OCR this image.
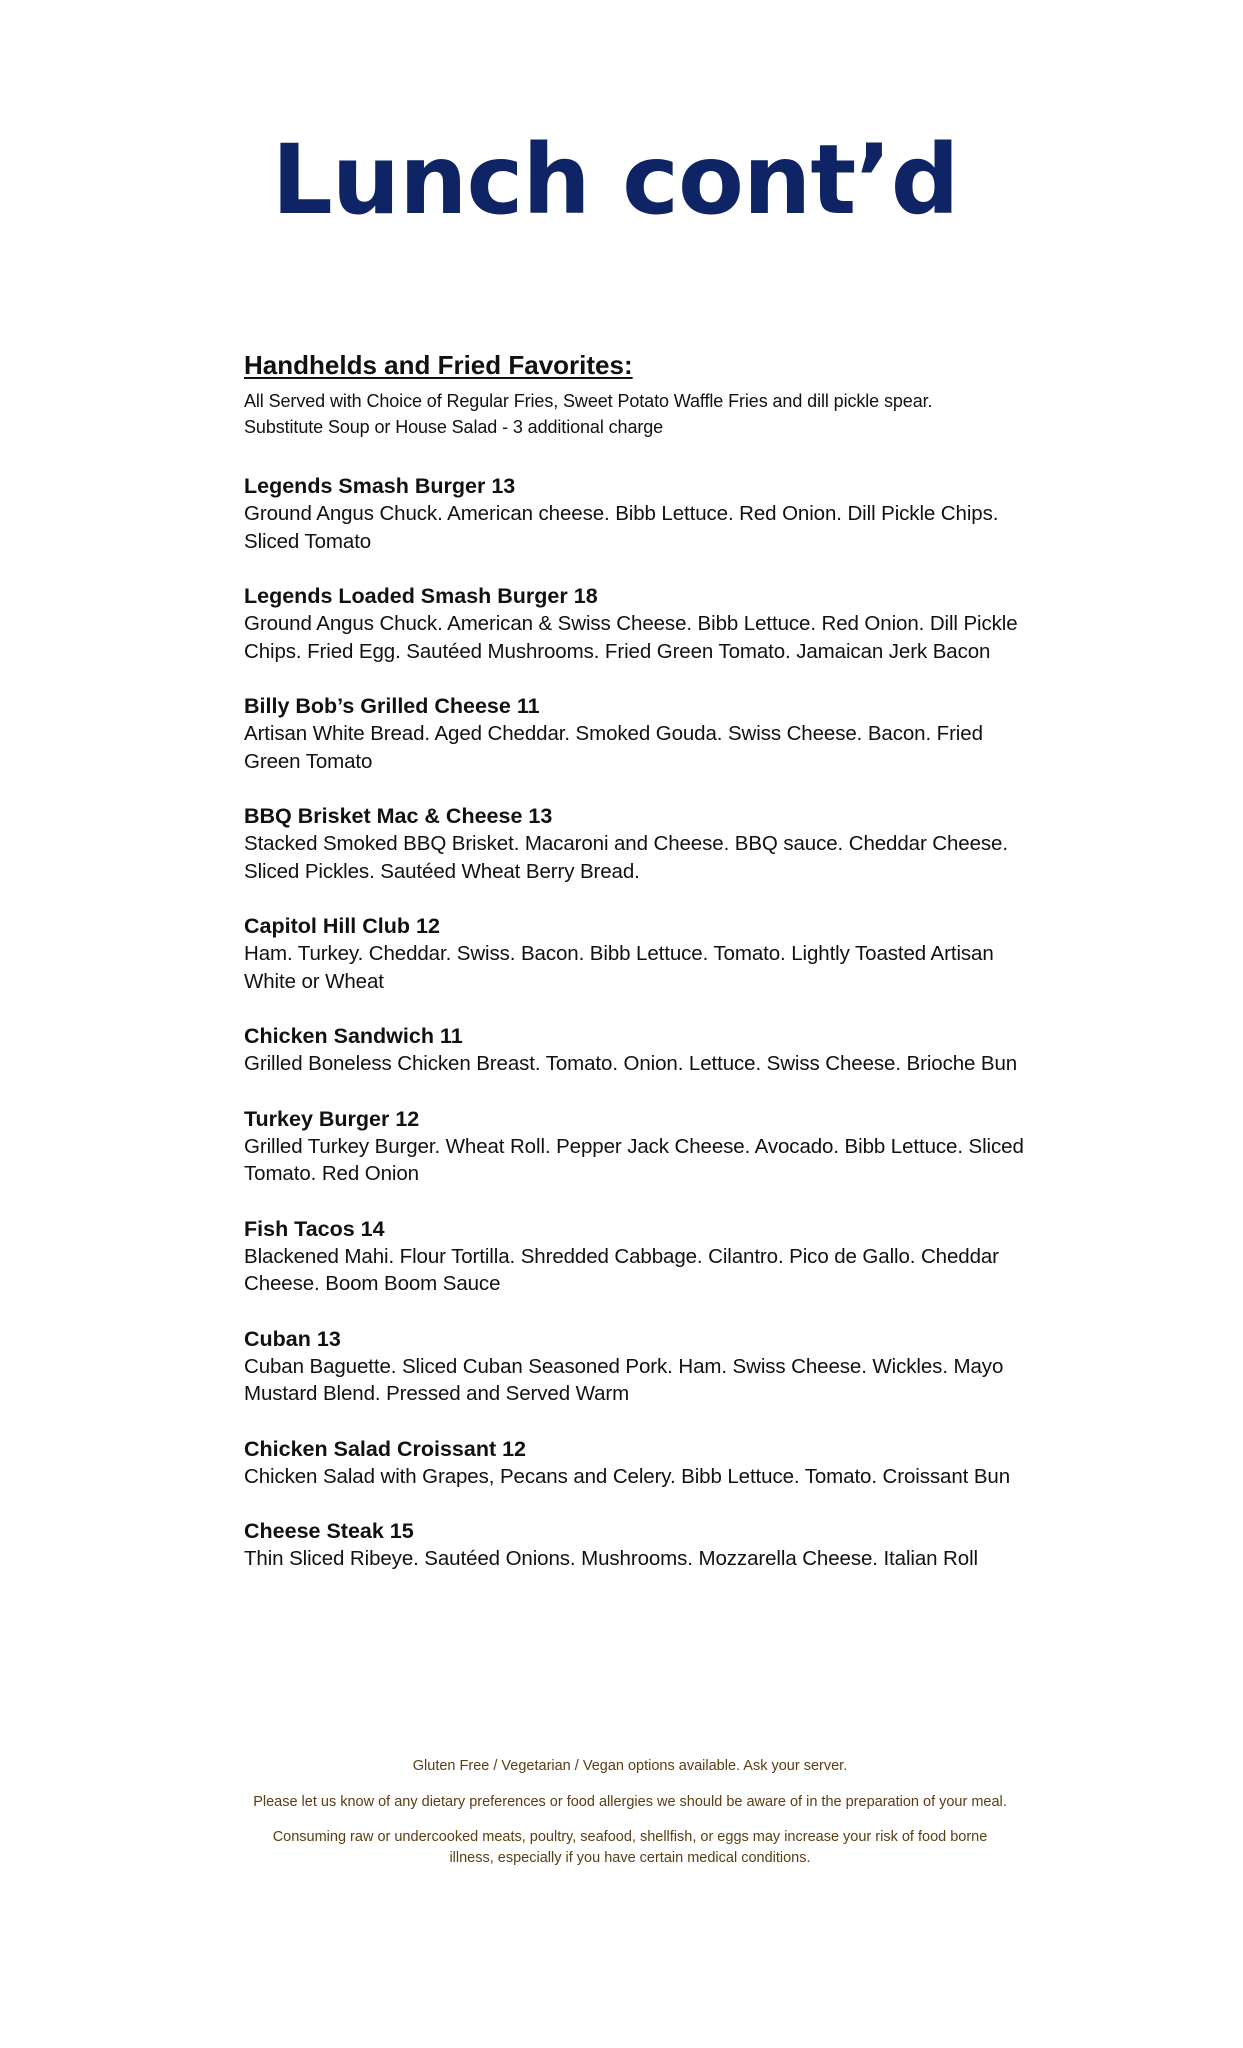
Lunch cont’d
Handhelds and Fried Favorites:

All Served with Choice of Regular Fries, Sweet Potato Waffle Fries and dill pickle spear.

Substitute Soup or House Salad - 3 additional charge

Legends Smash Burger 13

Ground Angus Chuck. American cheese. Bibb Lettuce. Red Onion. Dill Pickle Chips. Sliced Tomato

Legends Loaded Smash Burger 18

Ground Angus Chuck. American & Swiss Cheese. Bibb Lettuce. Red Onion. Dill Pickle Chips. Fried Egg. Sautéed Mushrooms. Fried Green Tomato. Jamaican Jerk Bacon

Billy Bob’s Grilled Cheese 11

Artisan White Bread. Aged Cheddar. Smoked Gouda. Swiss Cheese. Bacon. Fried Green Tomato

BBQ Brisket Mac & Cheese 13

Stacked Smoked BBQ Brisket. Macaroni and Cheese. BBQ sauce. Cheddar Cheese. Sliced Pickles. Sautéed Wheat Berry Bread.

Capitol Hill Club 12

Ham. Turkey. Cheddar. Swiss. Bacon. Bibb Lettuce. Tomato. Lightly Toasted Artisan White or Wheat

Chicken Sandwich 11

Grilled Boneless Chicken Breast. Tomato. Onion. Lettuce. Swiss Cheese. Brioche Bun

Turkey Burger 12

Grilled Turkey Burger. Wheat Roll. Pepper Jack Cheese. Avocado. Bibb Lettuce. Sliced Tomato. Red Onion

Fish Tacos 14

Blackened Mahi. Flour Tortilla. Shredded Cabbage. Cilantro. Pico de Gallo. Cheddar Cheese. Boom Boom Sauce

Cuban 13

Cuban Baguette. Sliced Cuban Seasoned Pork. Ham. Swiss Cheese. Wickles. Mayo Mustard Blend. Pressed and Served Warm

Chicken Salad Croissant 12

Chicken Salad with Grapes, Pecans and Celery. Bibb Lettuce. Tomato. Croissant Bun

Cheese Steak 15

Thin Sliced Ribeye. Sautéed Onions. Mushrooms. Mozzarella Cheese. Italian Roll

Gluten Free / Vegetarian / Vegan options available. Ask your server.

Please let us know of any dietary preferences or food allergies we should be aware of in the preparation of your meal.

Consuming raw or undercooked meats, poultry, seafood, shellfish, or eggs may increase your risk of food borne illness, especially if you have certain medical conditions.
